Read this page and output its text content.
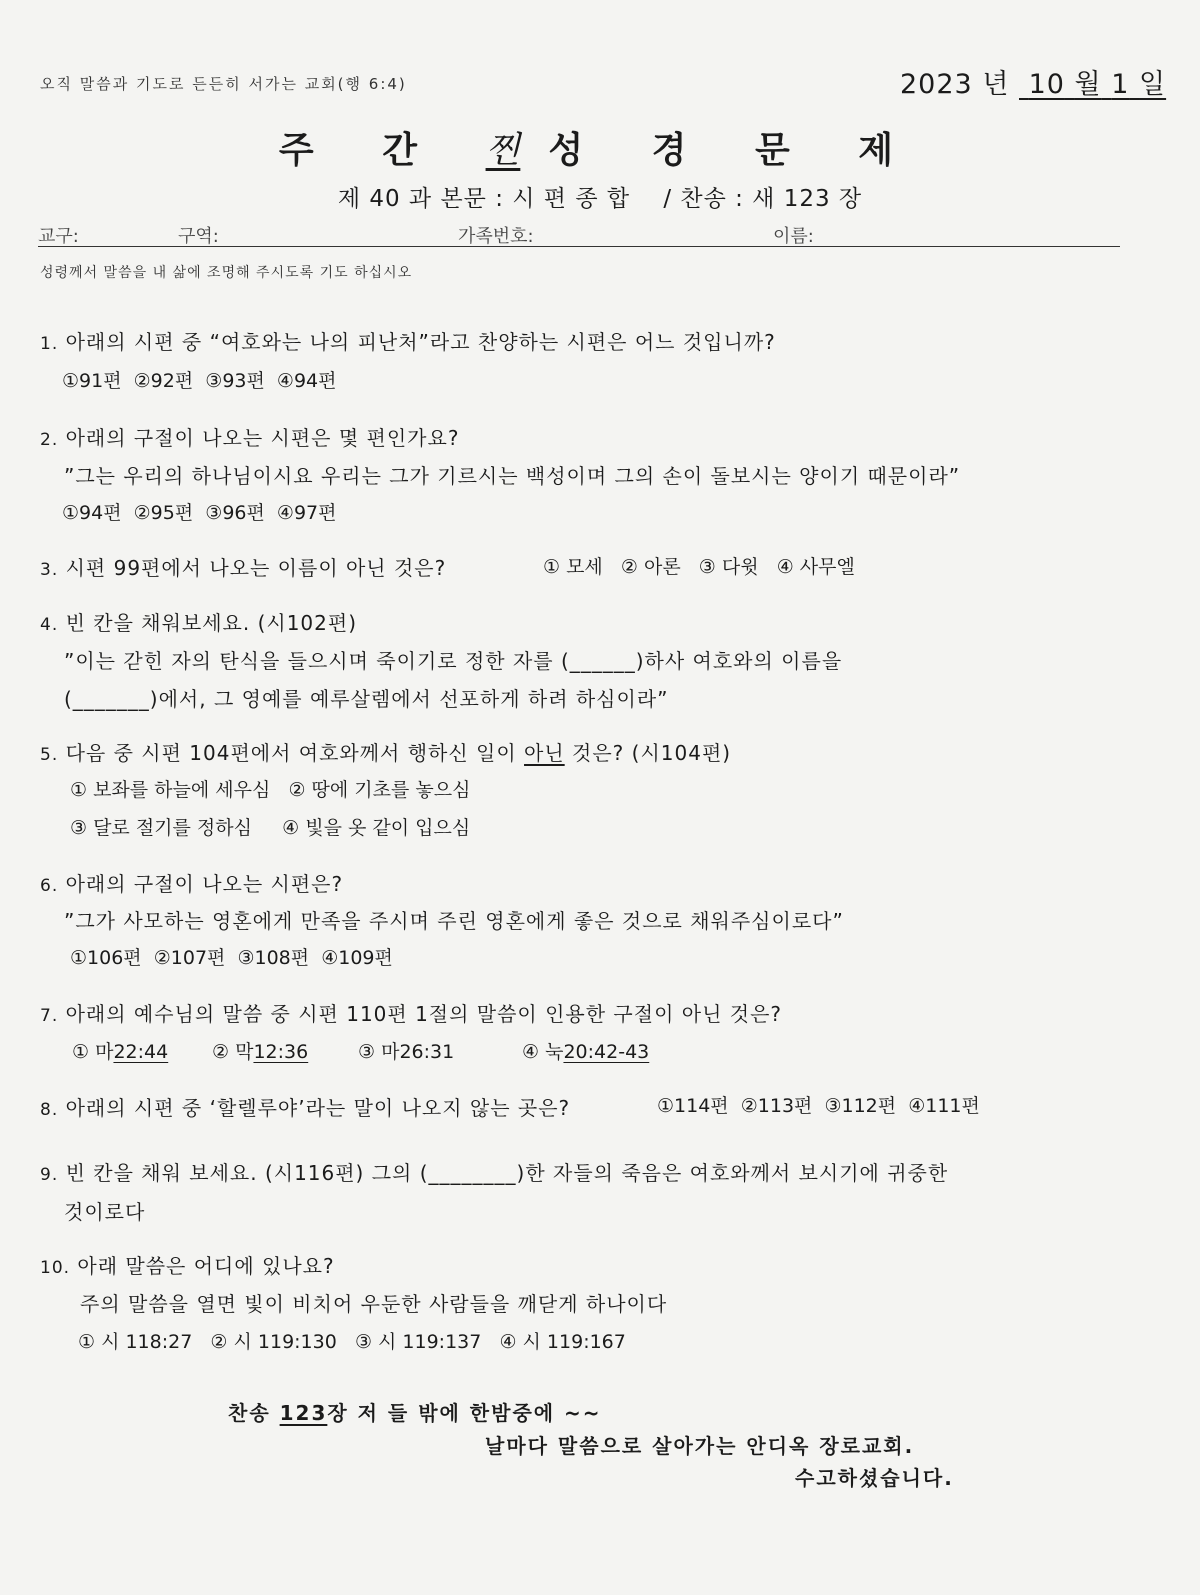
오직 말씀과 기도로 든든히 서가는 교회(행 6:4)	2023 년 10 월 1 일
주 간 찐 성 경 문 제
제 40 과 본문 : 시 편 종 합    / 찬송 : 새 123 장
교구:	구역:	가족번호:	이름:
성령께서 말씀을 내 삶에 조명해 주시도록 기도 하십시오
1. 아래의 시편 중 “여호와는 나의 피난처”라고 찬양하는 시편은 어느 것입니까?
①91편  ②92편  ③93편  ④94편
2. 아래의 구절이 나오는 시편은 몇 편인가요?
”그는 우리의 하나님이시요 우리는 그가 기르시는 백성이며 그의 손이 돌보시는 양이기 때문이라”
①94편  ②95편  ③96편  ④97편
3. 시편 99편에서 나오는 이름이 아닌 것은?	① 모세   ② 아론   ③ 다윗   ④ 사무엘
4. 빈 칸을 채워보세요. (시102편)
”이는 갇힌 자의 탄식을 들으시며 죽이기로 정한 자를 (______)하사 여호와의 이름을
(_______)에서, 그 영예를 예루살렘에서 선포하게 하려 하심이라”
5. 다음 중 시편 104편에서 여호와께서 행하신 일이 아닌 것은? (시104편)
① 보좌를 하늘에 세우심   ② 땅에 기초를 놓으심
③ 달로 절기를 정하심     ④ 빛을 옷 같이 입으심
6. 아래의 구절이 나오는 시편은?
”그가 사모하는 영혼에게 만족을 주시며 주린 영혼에게 좋은 것으로 채워주심이로다”
①106편  ②107편  ③108편  ④109편
7. 아래의 예수님의 말씀 중 시편 110편 1절의 말씀이 인용한 구절이 아닌 것은?
① 마22:44 ② 막12:36	③ 마26:31	④ 눅20:42-43
8. 아래의 시편 중 ‘할렐루야’라는 말이 나오지 않는 곳은?	①114편  ②113편  ③112편  ④111편
9. 빈 칸을 채워 보세요. (시116편) 그의 (________)한 자들의 죽음은 여호와께서 보시기에 귀중한
것이로다
10. 아래 말씀은 어디에 있나요?
주의 말씀을 열면 빛이 비치어 우둔한 사람들을 깨닫게 하나이다
① 시 118:27   ② 시 119:130   ③ 시 119:137   ④ 시 119:167
찬송 123장 저 들 밖에 한밤중에 ~~
날마다 말씀으로 살아가는 안디옥 장로교회.
수고하셨습니다.
